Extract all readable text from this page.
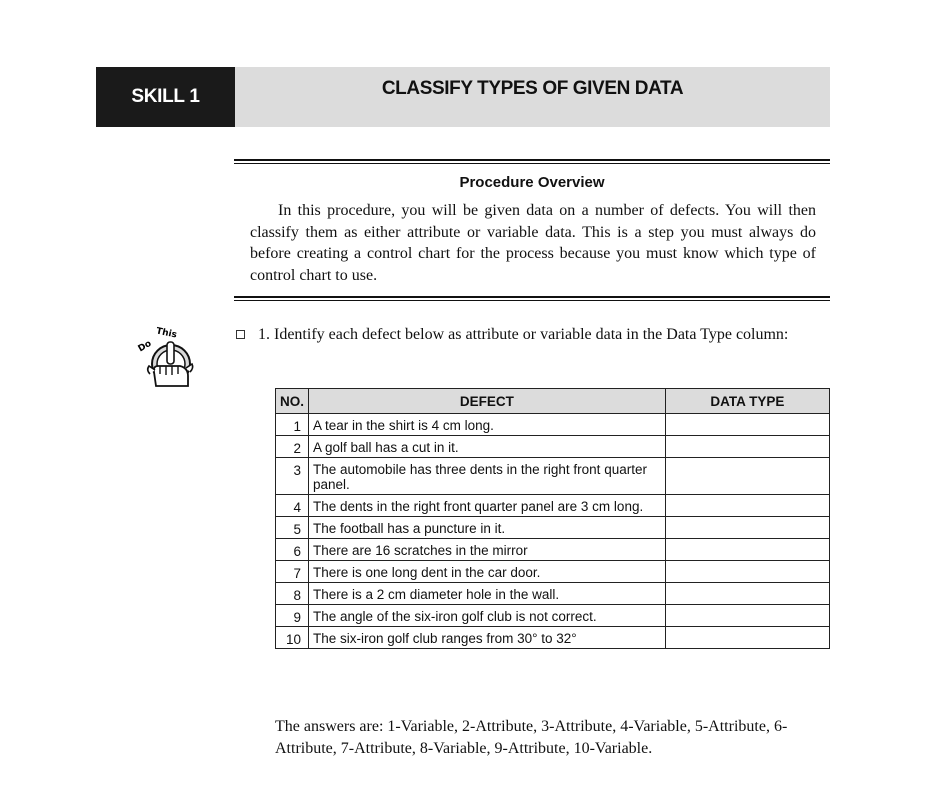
SKILL 1	CLASSIFY TYPES OF GIVEN DATA
Procedure Overview

In this procedure, you will be given data on a number of defects. You will then classify them as either attribute or variable data. This is a step you must always do before creating a control chart for the process because you must know which type of control chart to use.

Do
This	1. Identify each defect below as attribute or variable data in the Data Type column:
NO.	DEFECT	DATA TYPE
1	A tear in the shirt is 4 cm long.	
2	A golf ball has a cut in it.	
3	The automobile has three dents in the right front quarter panel.	
4	The dents in the right front quarter panel are 3 cm long.	
5	The football has a puncture in it.	
6	There are 16 scratches in the mirror	
7	There is one long dent in the car door.	
8	There is a 2 cm diameter hole in the wall.	
9	The angle of the six-iron golf club is not correct.	
10	The six-iron golf club ranges from 30° to 32°	

The answers are: 1-Variable, 2-Attribute, 3-Attribute, 4-Variable, 5-Attribute, 6-Attribute, 7-Attribute, 8-Variable, 9-Attribute, 10-Variable.
